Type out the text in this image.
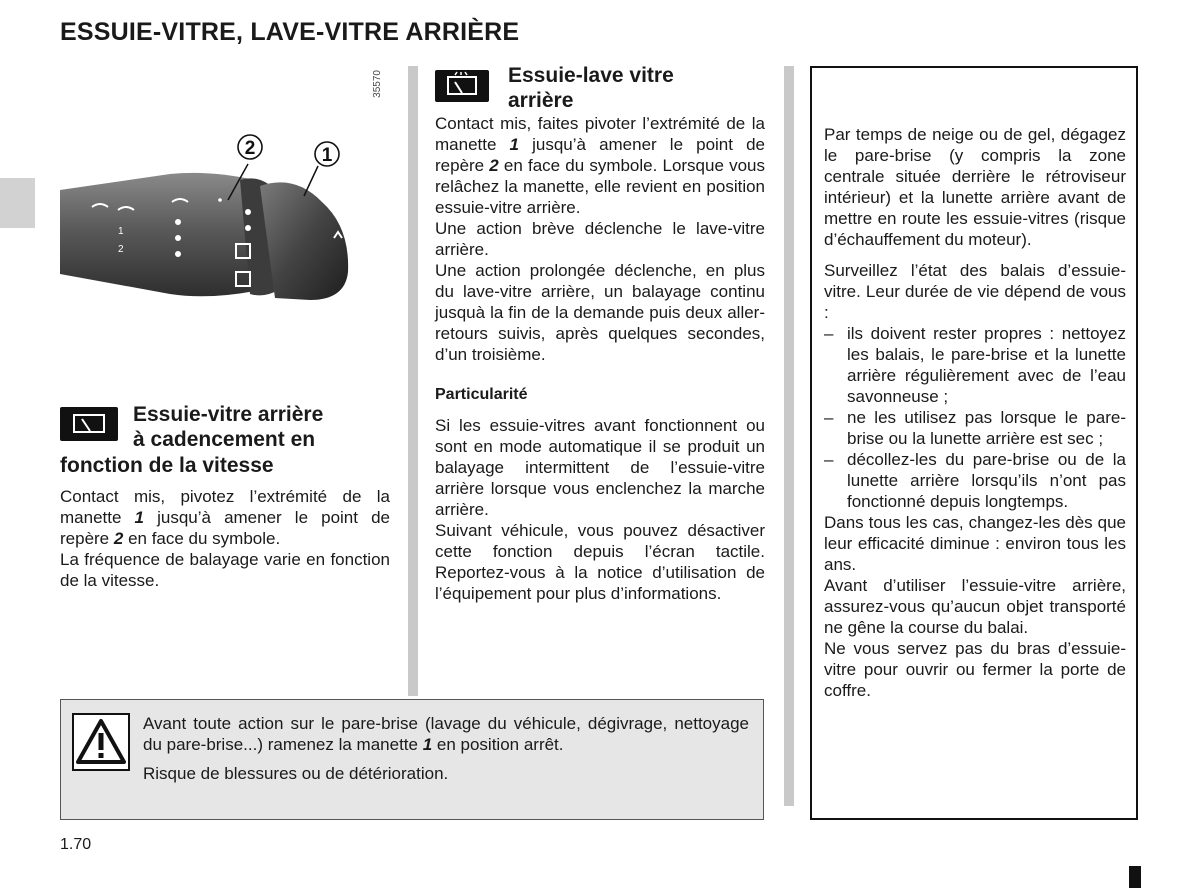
ESSUIE-VITRE, LAVE-VITRE ARRIÈRE
1
2
2	1
35570
Essuie-vitre arrière
à cadencement en
fonction de la vitesse

Contact mis, pivotez l’extrémité de la manette 1 jusqu’à amener le point de repère 2 en face du symbole.

La fréquence de balayage varie en fonction de la vitesse.

Essuie-lave vitre
arrière

Contact mis, faites pivoter l’extrémité de la manette 1 jusqu’à amener le point de repère 2 en face du symbole. Lorsque vous relâchez la manette, elle revient en position essuie-vitre arrière.

Une action brève déclenche le lave-vitre arrière.

Une action prolongée déclenche, en plus du lave-vitre arrière, un balayage continu jusquà la fin de la demande puis deux aller-retours suivis, après quelques secondes, d’un troisième.

Particularité

Si les essuie-vitres avant fonctionnent ou sont en mode automatique il se produit un balayage intermittent de l’essuie-vitre arrière lorsque vous enclenchez la marche arrière.

Suivant véhicule, vous pouvez désactiver cette fonction depuis l’écran tactile. Reportez-vous à la notice d’utilisation de l’équipement pour plus d’informations.

Par temps de neige ou de gel, dégagez le pare-brise (y compris la zone centrale située derrière le rétroviseur intérieur) et la lunette arrière avant de mettre en route les essuie-vitres (risque d’échauffement du moteur).

Surveillez l’état des balais d’essuie-vitre. Leur durée de vie dépend de vous :

– ils doivent rester propres : nettoyez les balais, le pare-brise et la lunette arrière régulièrement avec de l’eau savonneuse ;
– ne les utilisez pas lorsque le pare-brise ou la lunette arrière est sec ;
– décollez-les du pare-brise ou de la lunette arrière lorsqu’ils n’ont pas fonctionné depuis longtemps.

Dans tous les cas, changez-les dès que leur efficacité diminue : environ tous les ans.

Avant d’utiliser l’essuie-vitre arrière, assurez-vous qu’aucun objet transporté ne gêne la course du balai.

Ne vous servez pas du bras d’essuie-vitre pour ouvrir ou fermer la porte de coffre.

Avant toute action sur le pare-brise (lavage du véhicule, dégivrage, nettoyage du pare-brise...) ramenez la manette 1 en position arrêt.

Risque de blessures ou de détérioration.

1.70
